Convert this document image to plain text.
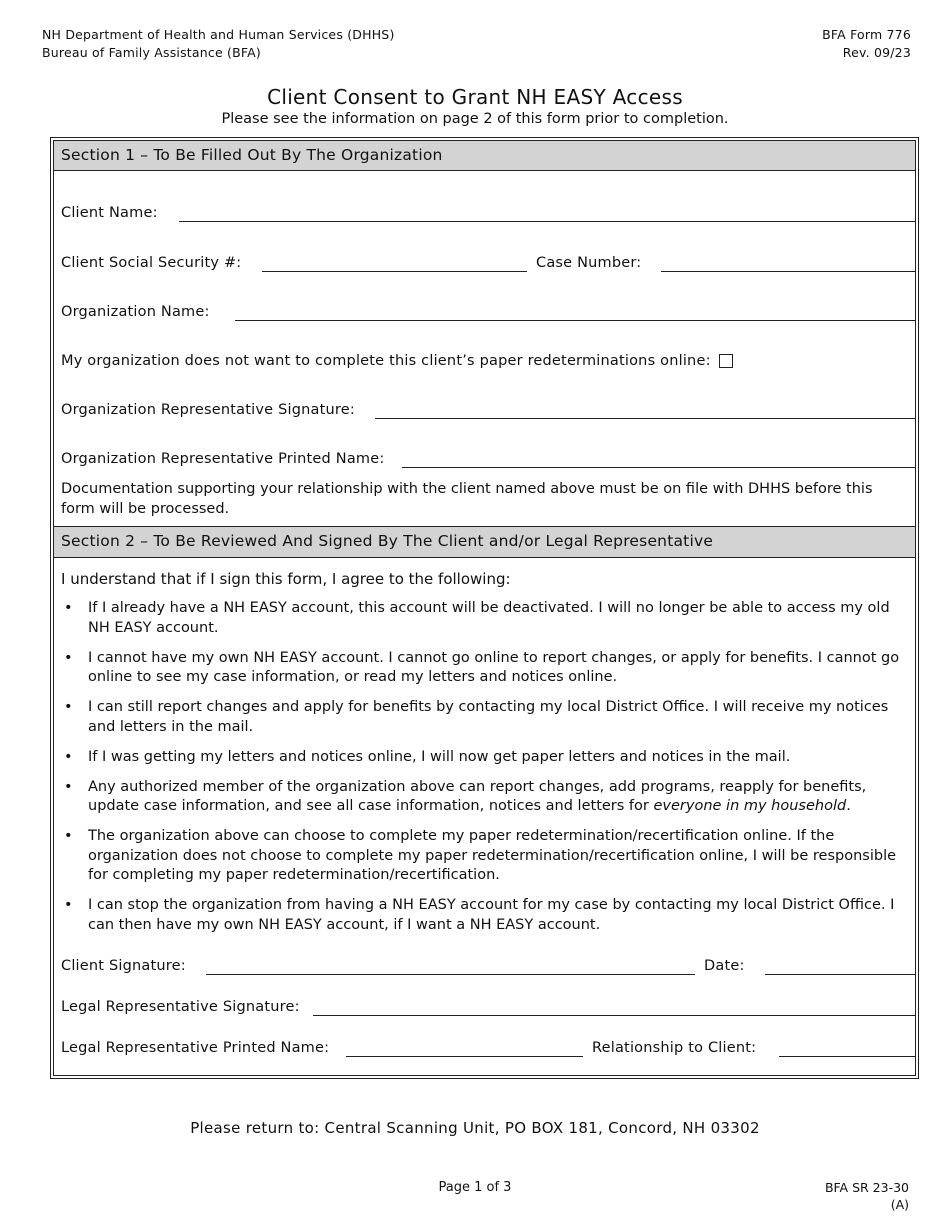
NH Department of Health and Human Services (DHHS)
Bureau of Family Assistance (BFA)
BFA Form 776
Rev. 09/23
Client Consent to Grant NH EASY Access
Please see the information on page 2 of this form prior to completion.
Section 1 – To Be Filled Out By The Organization
Client Name:
Client Social Security #:	Case Number:
Organization Name:
My organization does not want to complete this client’s paper redeterminations online:
Organization Representative Signature:
Organization Representative Printed Name:
Documentation supporting your relationship with the client named above must be on file with DHHS before this form will be processed.
Section 2 – To Be Reviewed And Signed By The Client and/or Legal Representative
I understand that if I sign this form, I agree to the following:
• If I already have a NH EASY account, this account will be deactivated. I will no longer be able to access my old NH EASY account.
• I cannot have my own NH EASY account. I cannot go online to report changes, or apply for benefits. I cannot go online to see my case information, or read my letters and notices online.
• I can still report changes and apply for benefits by contacting my local District Office. I will receive my notices and letters in the mail.
• If I was getting my letters and notices online, I will now get paper letters and notices in the mail.
• Any authorized member of the organization above can report changes, add programs, reapply for benefits, update case information, and see all case information, notices and letters for everyone in my household.
• The organization above can choose to complete my paper redetermination/recertification online. If the organization does not choose to complete my paper redetermination/recertification online, I will be responsible for completing my paper redetermination/recertification.
• I can stop the organization from having a NH EASY account for my case by contacting my local District Office. I can then have my own NH EASY account, if I want a NH EASY account.
Client Signature:	Date:
Legal Representative Signature:
Legal Representative Printed Name:	Relationship to Client:
Please return to: Central Scanning Unit, PO BOX 181, Concord, NH 03302
Page 1 of 3	BFA SR 23-30
(A)
